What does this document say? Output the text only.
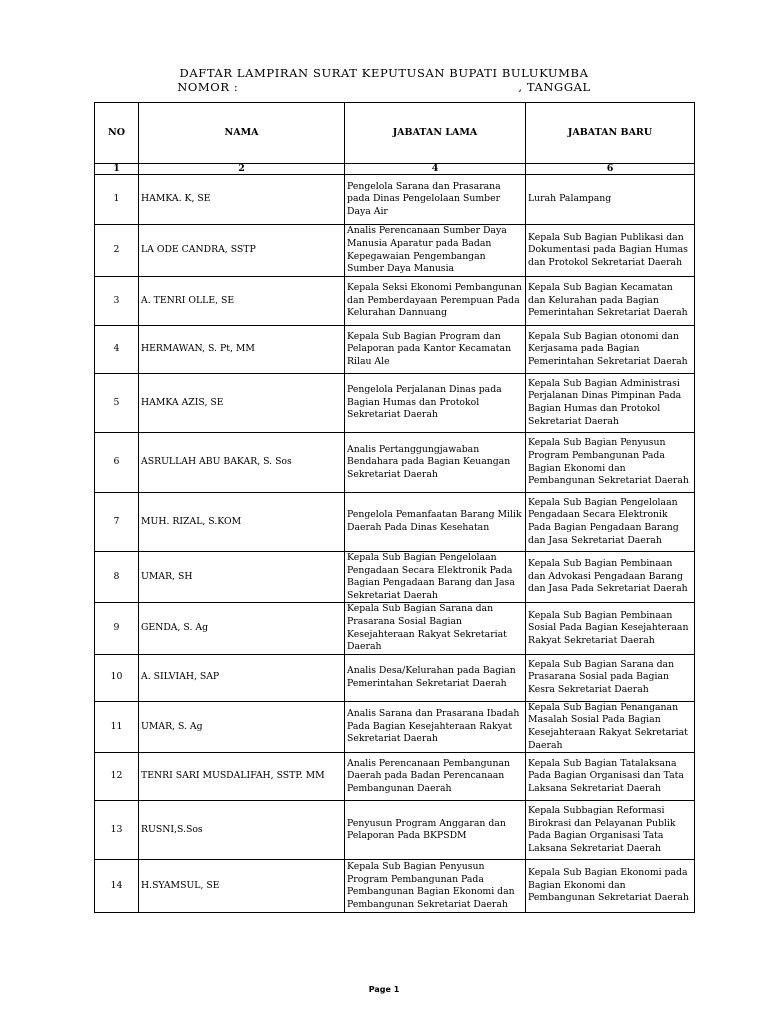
DAFTAR LAMPIRAN SURAT KEPUTUSAN BUPATI BULUKUMBA
NOMOR :	, TANGGAL
NO	NAMA	JABATAN LAMA	JABATAN BARU
1	2	4	6
1	HAMKA. K, SE	Pengelola Sarana dan Prasarana pada Dinas Pengelolaan Sumber Daya Air	Lurah Palampang
2	LA ODE CANDRA, SSTP	Analis Perencanaan Sumber Daya Manusia Aparatur pada Badan Kepegawaian Pengembangan Sumber Daya Manusia	Kepala Sub Bagian Publikasi dan Dokumentasi pada Bagian Humas dan Protokol Sekretariat Daerah
3	A. TENRI OLLE, SE	Kepala Seksi Ekonomi Pembangunan dan Pemberdayaan Perempuan Pada Kelurahan Dannuang	Kepala Sub Bagian Kecamatan dan Kelurahan pada Bagian Pemerintahan Sekretariat Daerah
4	HERMAWAN, S. Pt, MM	Kepala Sub Bagian Program dan Pelaporan pada Kantor Kecamatan Rilau Ale	Kepala Sub Bagian otonomi dan Kerjasama pada Bagian Pemerintahan Sekretariat Daerah
5	HAMKA AZIS, SE	Pengelola Perjalanan Dinas pada Bagian Humas dan Protokol Sekretariat Daerah	Kepala Sub Bagian Administrasi Perjalanan Dinas Pimpinan Pada Bagian Humas dan Protokol Sekretariat Daerah
6	ASRULLAH ABU BAKAR, S. Sos	Analis Pertanggungjawaban Bendahara pada Bagian Keuangan Sekretariat Daerah	Kepala Sub Bagian Penyusun Program Pembangunan Pada Bagian Ekonomi dan Pembangunan Sekretariat Daerah
7	MUH. RIZAL, S.KOM	Pengelola Pemanfaatan Barang Milik Daerah Pada Dinas Kesehatan	Kepala Sub Bagian Pengelolaan Pengadaan Secara Elektronik Pada Bagian Pengadaan Barang dan Jasa Sekretariat Daerah
8	UMAR, SH	Kepala Sub Bagian Pengelolaan Pengadaan Secara Elektronik Pada Bagian Pengadaan Barang dan Jasa Sekretariat Daerah	Kepala Sub Bagian Pembinaan dan Advokasi Pengadaan Barang dan Jasa Pada Sekretariat Daerah
9	GENDA, S. Ag	Kepala Sub Bagian Sarana dan Prasarana Sosial Bagian Kesejahteraan Rakyat Sekretariat Daerah	Kepala Sub Bagian Pembinaan Sosial Pada Bagian Kesejahteraan Rakyat Sekretariat Daerah
10	A. SILVIAH, SAP	Analis Desa/Kelurahan pada Bagian Pemerintahan Sekretariat Daerah	Kepala Sub Bagian Sarana dan Prasarana Sosial pada Bagian Kesra Sekretariat Daerah
11	UMAR, S. Ag	Analis Sarana dan Prasarana Ibadah Pada Bagian Kesejahteraan Rakyat Sekretariat Daerah	Kepala Sub Bagian Penanganan Masalah Sosial Pada Bagian Kesejahteraan Rakyat Sekretariat Daerah
12	TENRI SARI MUSDALIFAH, SSTP. MM	Analis Perencanaan Pembangunan Daerah pada Badan Perencanaan Pembangunan Daerah	Kepala Sub Bagian Tatalaksana Pada Bagian Organisasi dan Tata Laksana Sekretariat Daerah
13	RUSNI,S.Sos	Penyusun Program Anggaran dan Pelaporan Pada BKPSDM	Kepala Subbagian Reformasi Birokrasi dan Pelayanan Publik Pada Bagian Organisasi Tata Laksana Sekretariat Daerah
14	H.SYAMSUL, SE	Kepala Sub Bagian Penyusun Program Pembangunan Pada Pembangunan Bagian Ekonomi dan Pembangunan Sekretariat Daerah	Kepala Sub Bagian Ekonomi pada Bagian Ekonomi dan Pembangunan Sekretariat Daerah
Page 1
